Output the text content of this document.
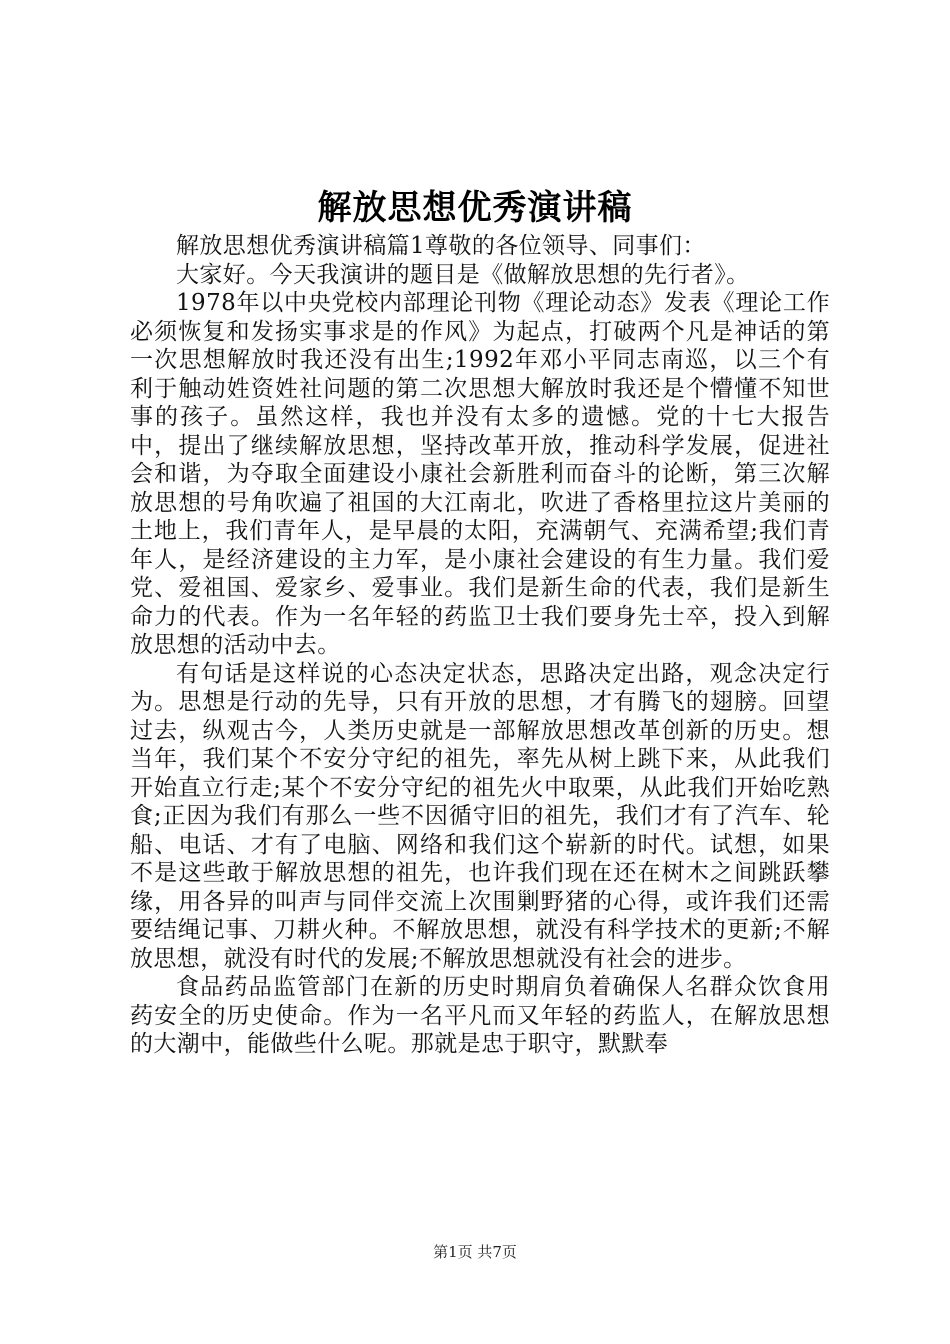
解放思想优秀演讲稿

解放思想优秀演讲稿篇1尊敬的各位领导、同事们：

大家好。今天我演讲的题目是《做解放思想的先行者》。

1978年以中央党校内部理论刊物《理论动态》发表《理论工作必须恢复和发扬实事求是的作风》为起点，打破两个凡是神话的第一次思想解放时我还没有出生;1992年邓小平同志南巡，以三个有利于触动姓资姓社问题的第二次思想大解放时我还是个懵懂不知世事的孩子。虽然这样，我也并没有太多的遗憾。党的十七大报告中，提出了继续解放思想，坚持改革开放，推动科学发展，促进社会和谐，为夺取全面建设小康社会新胜利而奋斗的论断，第三次解放思想的号角吹遍了祖国的大江南北，吹进了香格里拉这片美丽的土地上，我们青年人，是早晨的太阳，充满朝气、充满希望;我们青年人，是经济建设的主力军，是小康社会建设的有生力量。我们爱党、爱祖国、爱家乡、爱事业。我们是新生命的代表，我们是新生命力的代表。作为一名年轻的药监卫士我们要身先士卒，投入到解放思想的活动中去。

有句话是这样说的心态决定状态，思路决定出路，观念决定行为。思想是行动的先导，只有开放的思想，才有腾飞的翅膀。回望过去，纵观古今，人类历史就是一部解放思想改革创新的历史。想当年，我们某个不安分守纪的祖先，率先从树上跳下来，从此我们开始直立行走;某个不安分守纪的祖先火中取栗，从此我们开始吃熟食;正因为我们有那么一些不因循守旧的祖先，我们才有了汽车、轮船、电话、才有了电脑、网络和我们这个崭新的时代。试想，如果不是这些敢于解放思想的祖先，也许我们现在还在树木之间跳跃攀缘，用各异的叫声与同伴交流上次围剿野猪的心得，或许我们还需要结绳记事、刀耕火种。不解放思想，就没有科学技术的更新;不解放思想，就没有时代的发展;不解放思想就没有社会的进步。

食品药品监管部门在新的历史时期肩负着确保人名群众饮食用药安全的历史使命。作为一名平凡而又年轻的药监人，在解放思想的大潮中，能做些什么呢。那就是忠于职守，默默奉

第1页 共7页
